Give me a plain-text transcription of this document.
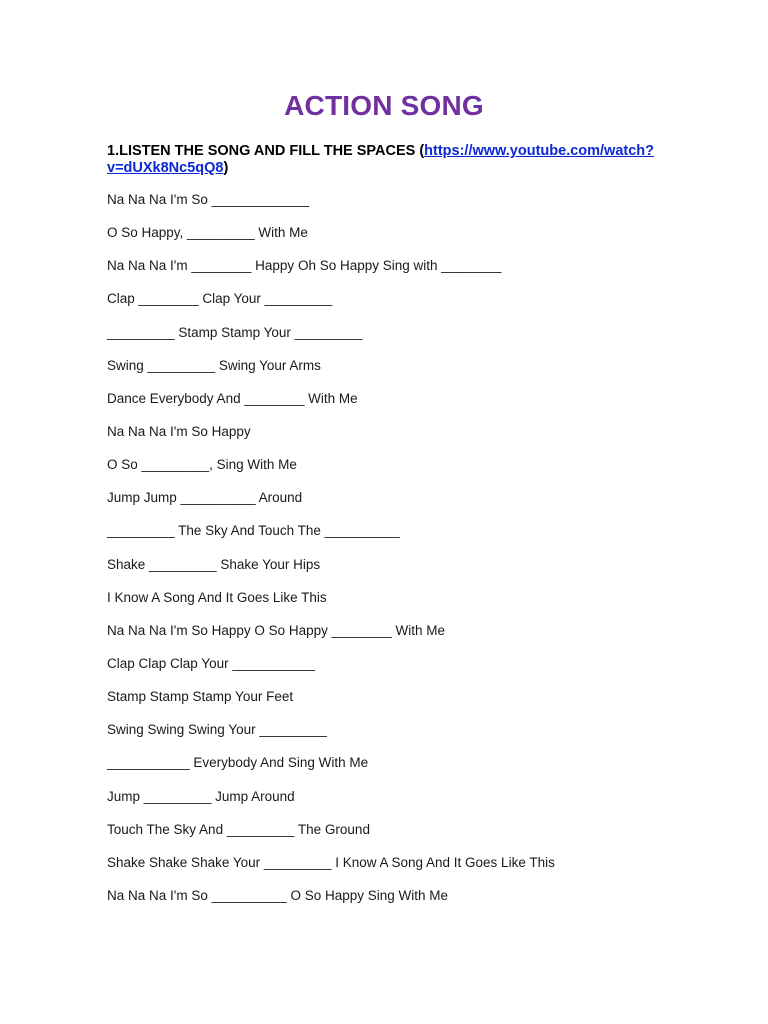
ACTION SONG
1.LISTEN THE SONG AND FILL THE SPACES (https://www.youtube.com/watch?
v=dUXk8Nc5qQ8)
Na Na Na I'm So _____________
O So Happy, _________ With Me
Na Na Na I'm ________ Happy Oh So Happy Sing with ________
Clap ________ Clap Your _________
_________ Stamp Stamp Your _________
Swing _________ Swing Your Arms
Dance Everybody And ________ With Me
Na Na Na I'm So Happy
O So _________, Sing With Me
Jump Jump __________ Around
_________ The Sky And Touch The __________
Shake _________ Shake Your Hips
I Know A Song And It Goes Like This
Na Na Na I'm So Happy O So Happy ________ With Me
Clap Clap Clap Your ___________
Stamp Stamp Stamp Your Feet
Swing Swing Swing Your _________
___________ Everybody And Sing With Me
Jump _________ Jump Around
Touch The Sky And _________ The Ground
Shake Shake Shake Your _________ I Know A Song And It Goes Like This
Na Na Na I'm So __________ O So Happy Sing With Me
